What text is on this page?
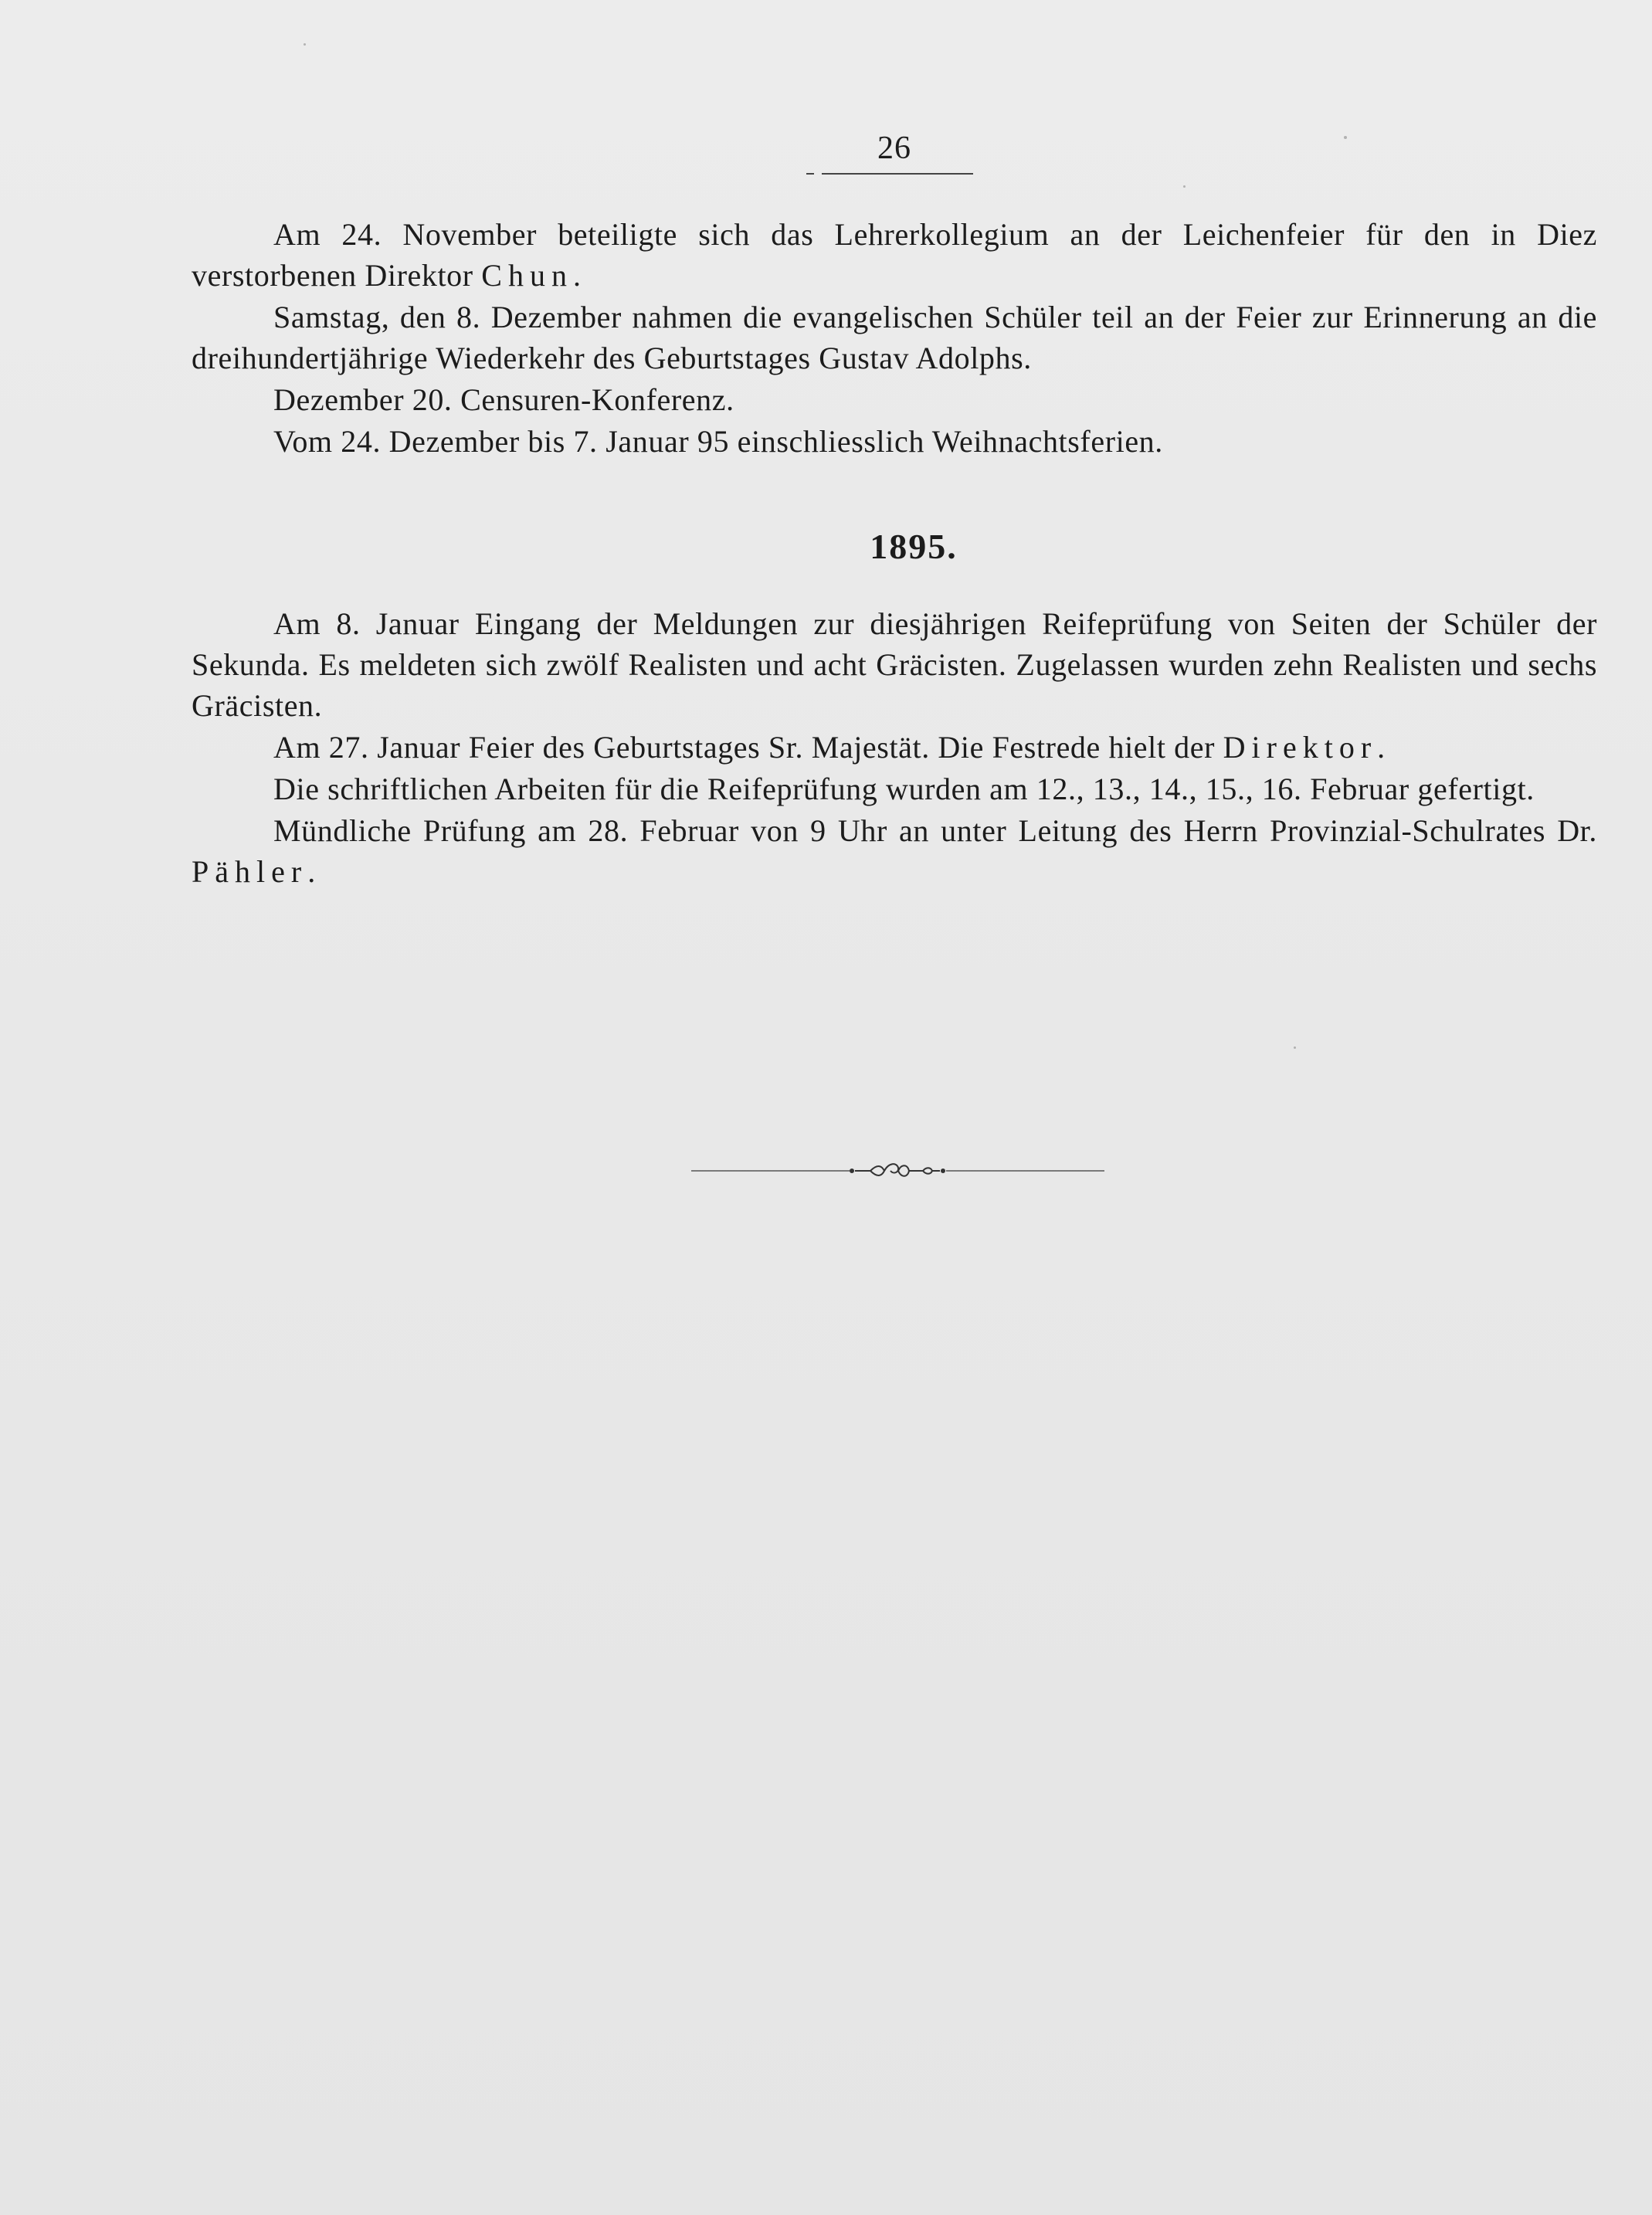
26

Am 24. November beteiligte sich das Lehrerkollegium an der Leichenfeier für den in Diez verstorbenen Direktor Chun.

Samstag, den 8. Dezember nahmen die evangelischen Schüler teil an der Feier zur Erinnerung an die dreihundertjährige Wiederkehr des Geburtstages Gustav Adolphs.

Dezember 20. Censuren-Konferenz.

Vom 24. Dezember bis 7. Januar 95 einschliesslich Weihnachtsferien.

1895.

Am 8. Januar Eingang der Meldungen zur diesjährigen Reifeprüfung von Seiten der Schüler der Sekunda. Es meldeten sich zwölf Realisten und acht Gräcisten. Zugelassen wurden zehn Realisten und sechs Gräcisten.

Am 27. Januar Feier des Geburtstages Sr. Majestät. Die Festrede hielt der Direktor.

Die schriftlichen Arbeiten für die Reifeprüfung wurden am 12., 13., 14., 15., 16. Februar gefertigt.

Mündliche Prüfung am 28. Februar von 9 Uhr an unter Leitung des Herrn Provinzial-Schulrates Dr. Pähler.
